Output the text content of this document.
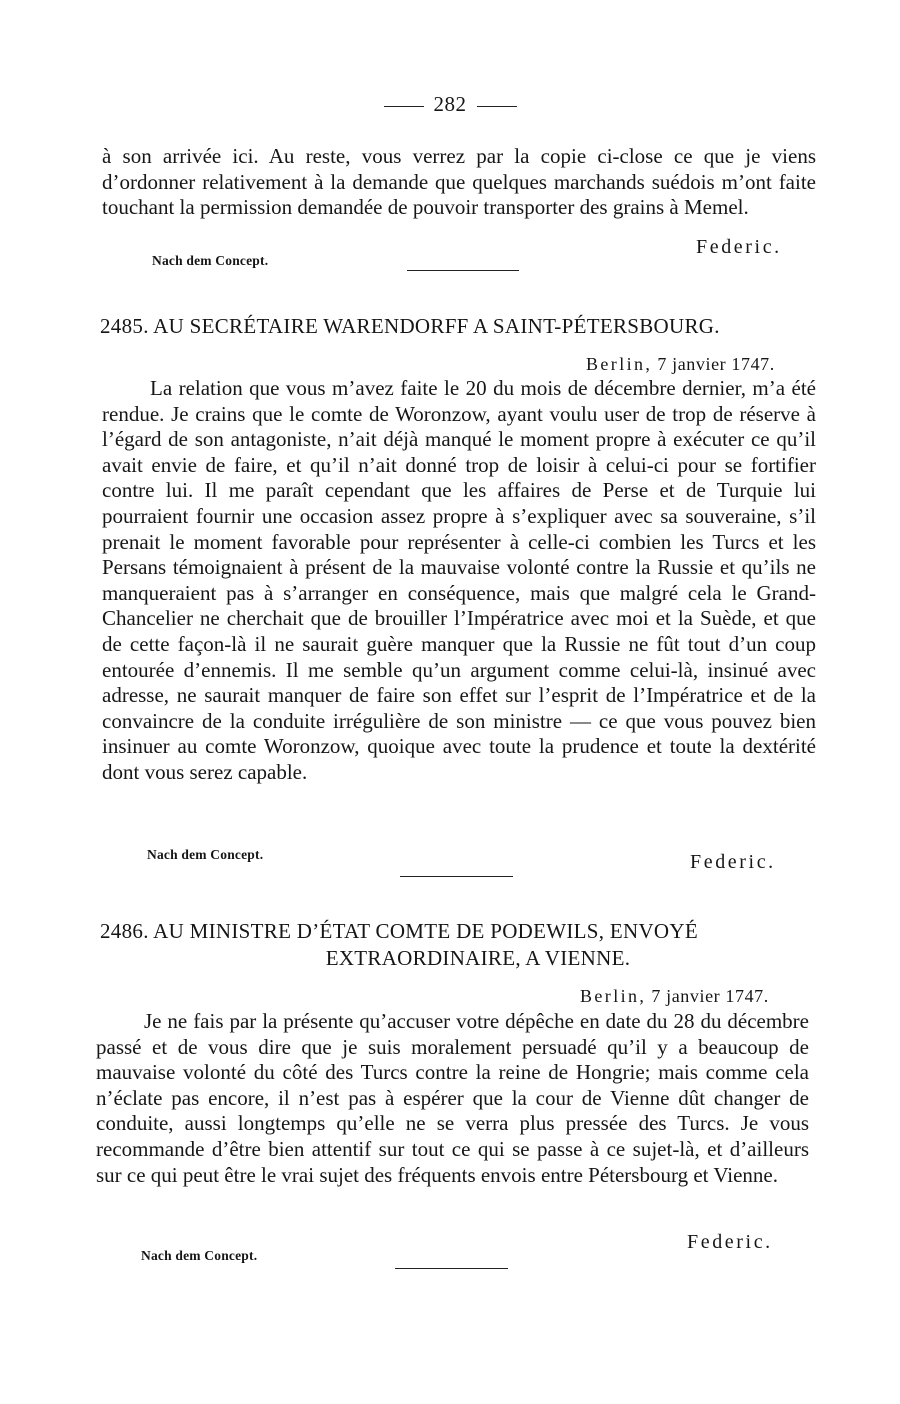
282
à son arrivée ici. Au reste, vous verrez par la copie ci-close ce que je viens d’ordonner relativement à la demande que quelques marchands suédois m’ont faite touchant la permission demandée de pouvoir transporter des grains à Memel.
Nach dem Concept.
Federic.
2485. AU SECRÉTAIRE WARENDORFF A SAINT-PÉTERSBOURG.
Berlin, 7 janvier 1747.
La relation que vous m’avez faite le 20 du mois de décembre dernier, m’a été rendue. Je crains que le comte de Woronzow, ayant voulu user de trop de réserve à l’égard de son antagoniste, n’ait déjà manqué le moment propre à exécuter ce qu’il avait envie de faire, et qu’il n’ait donné trop de loisir à celui-ci pour se fortifier contre lui. Il me paraît cependant que les affaires de Perse et de Turquie lui pourraient fournir une occasion assez propre à s’expliquer avec sa souveraine, s’il prenait le moment favorable pour représenter à celle-ci combien les Turcs et les Persans témoignaient à présent de la mauvaise volonté contre la Russie et qu’ils ne manqueraient pas à s’arranger en conséquence, mais que malgré cela le Grand-Chancelier ne cherchait que de brouiller l’Impératrice avec moi et la Suède, et que de cette façon-là il ne saurait guère manquer que la Russie ne fût tout d’un coup entourée d’ennemis. Il me semble qu’un argument comme celui-là, insinué avec adresse, ne saurait manquer de faire son effet sur l’esprit de l’Impératrice et de la convaincre de la conduite irrégulière de son ministre — ce que vous pouvez bien insinuer au comte Woronzow, quoique avec toute la prudence et toute la dextérité dont vous serez capable.
Nach dem Concept.	Federic.
2486. AU MINISTRE D’ÉTAT COMTE DE PODEWILS, ENVOYÉ
EXTRAORDINAIRE, A VIENNE.
Berlin, 7 janvier 1747.
Je ne fais par la présente qu’accuser votre dépêche en date du 28 du décembre passé et de vous dire que je suis moralement persuadé qu’il y a beaucoup de mauvaise volonté du côté des Turcs contre la reine de Hongrie; mais comme cela n’éclate pas encore, il n’est pas à espérer que la cour de Vienne dût changer de conduite, aussi longtemps qu’elle ne se verra plus pressée des Turcs. Je vous recommande d’être bien attentif sur tout ce qui se passe à ce sujet-là, et d’ailleurs sur ce qui peut être le vrai sujet des fréquents envois entre Pétersbourg et Vienne.
Nach dem Concept.
Federic.
